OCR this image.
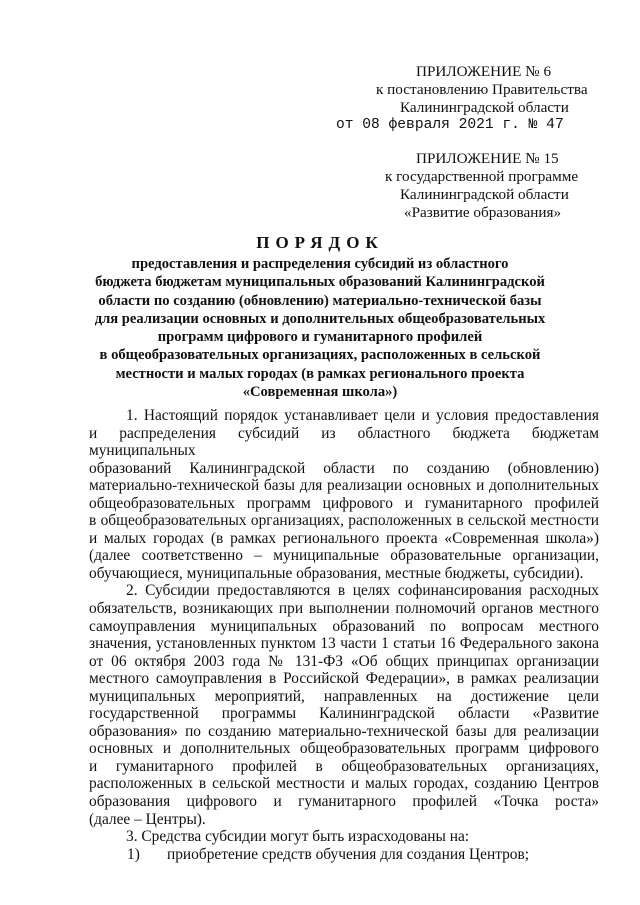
ПРИЛОЖЕНИЕ № 6
к постановлению Правительства
Калининградской области
от 08 февраля 2021 г. № 47
ПРИЛОЖЕНИЕ № 15
к государственной программе
Калининградской области
«Развитие образования»
ПОРЯДОК
предоставления и распределения субсидий из областного
бюджета бюджетам муниципальных образований Калининградской
области по созданию (обновлению) материально-технической базы
для реализации основных и дополнительных общеобразовательных
программ цифрового и гуманитарного профилей
в общеобразовательных организациях, расположенных в сельской
местности и малых городах (в рамках регионального проекта
«Современная школа»)
1. Настоящий порядок устанавливает цели и условия предоставления
и распределения субсидий из областного бюджета бюджетам муниципальных
образований Калининградской области по созданию (обновлению)
материально-технической базы для реализации основных и дополнительных
общеобразовательных программ цифрового и гуманитарного профилей
в общеобразовательных организациях, расположенных в сельской местности
и малых городах (в рамках регионального проекта «Современная школа»)
(далее соответственно – муниципальные образовательные организации,
обучающиеся, муниципальные образования, местные бюджеты, субсидии).
2. Субсидии предоставляются в целях софинансирования расходных
обязательств, возникающих при выполнении полномочий органов местного
самоуправления муниципальных образований по вопросам местного
значения, установленных пунктом 13 части 1 статьи 16 Федерального закона
от 06 октября 2003 года № 131-ФЗ «Об общих принципах организации
местного самоуправления в Российской Федерации», в рамках реализации
муниципальных мероприятий, направленных на достижение цели
государственной программы Калининградской области «Развитие
образования» по созданию материально-технической базы для реализации
основных и дополнительных общеобразовательных программ цифрового
и гуманитарного профилей в общеобразовательных организациях,
расположенных в сельской местности и малых городах, созданию Центров
образования цифрового и гуманитарного профилей «Точка роста»
(далее – Центры).
3. Средства субсидии могут быть израсходованы на:
1) приобретение средств обучения для создания Центров;
